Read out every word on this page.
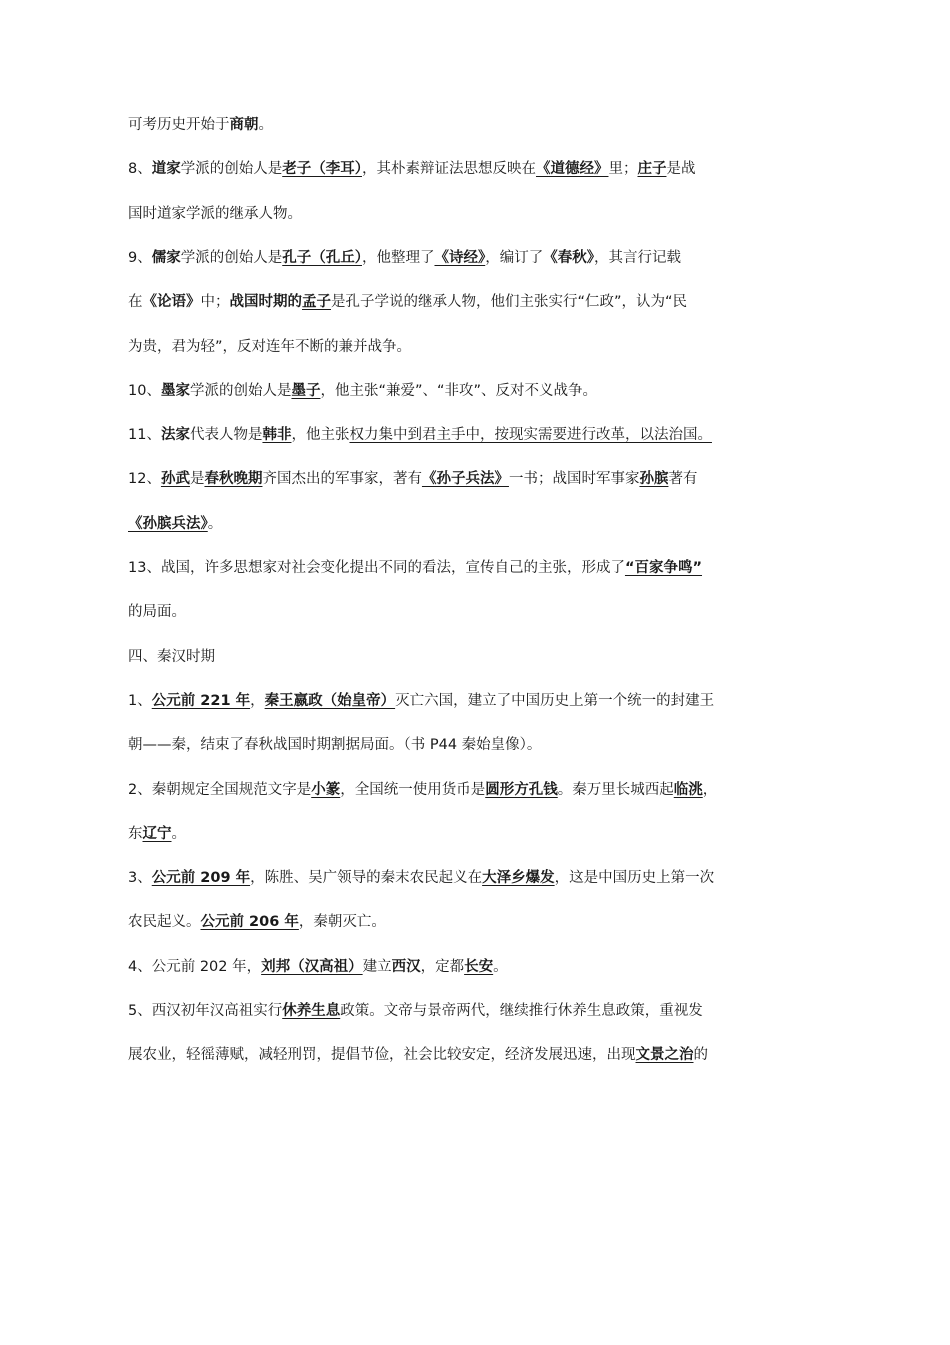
可考历史开始于商朝。
8、道家学派的创始人是老子（李耳），其朴素辩证法思想反映在《道德经》里；庄子是战
国时道家学派的继承人物。
9、儒家学派的创始人是孔子（孔丘），他整理了《诗经》，编订了《春秋》，其言行记载
在《论语》中；战国时期的孟子是孔子学说的继承人物，他们主张实行“仁政”，认为“民
为贵，君为轻”，反对连年不断的兼并战争。
10、墨家学派的创始人是墨子，他主张“兼爱”、“非攻”、反对不义战争。
11、法家代表人物是韩非，他主张权力集中到君主手中，按现实需要进行改革，以法治国。
12、孙武是春秋晚期齐国杰出的军事家，著有《孙子兵法》一书；战国时军事家孙膑著有
《孙膑兵法》。
13、战国，许多思想家对社会变化提出不同的看法，宣传自己的主张，形成了“百家争鸣”
的局面。
四、秦汉时期
1、公元前 221 年，秦王嬴政（始皇帝）灭亡六国，建立了中国历史上第一个统一的封建王
朝——秦，结束了春秋战国时期割据局面。（书 P44 秦始皇像）。
2、秦朝规定全国规范文字是小篆，全国统一使用货币是圆形方孔钱。秦万里长城西起临洮，
东辽宁。
3、公元前 209 年，陈胜、吴广领导的秦末农民起义在大泽乡爆发，这是中国历史上第一次
农民起义。公元前 206 年，秦朝灭亡。
4、公元前 202 年，刘邦（汉高祖）建立西汉，定都长安。
5、西汉初年汉高祖实行休养生息政策。文帝与景帝两代，继续推行休养生息政策，重视发
展农业，轻徭薄赋，减轻刑罚，提倡节俭，社会比较安定，经济发展迅速，出现文景之治的
